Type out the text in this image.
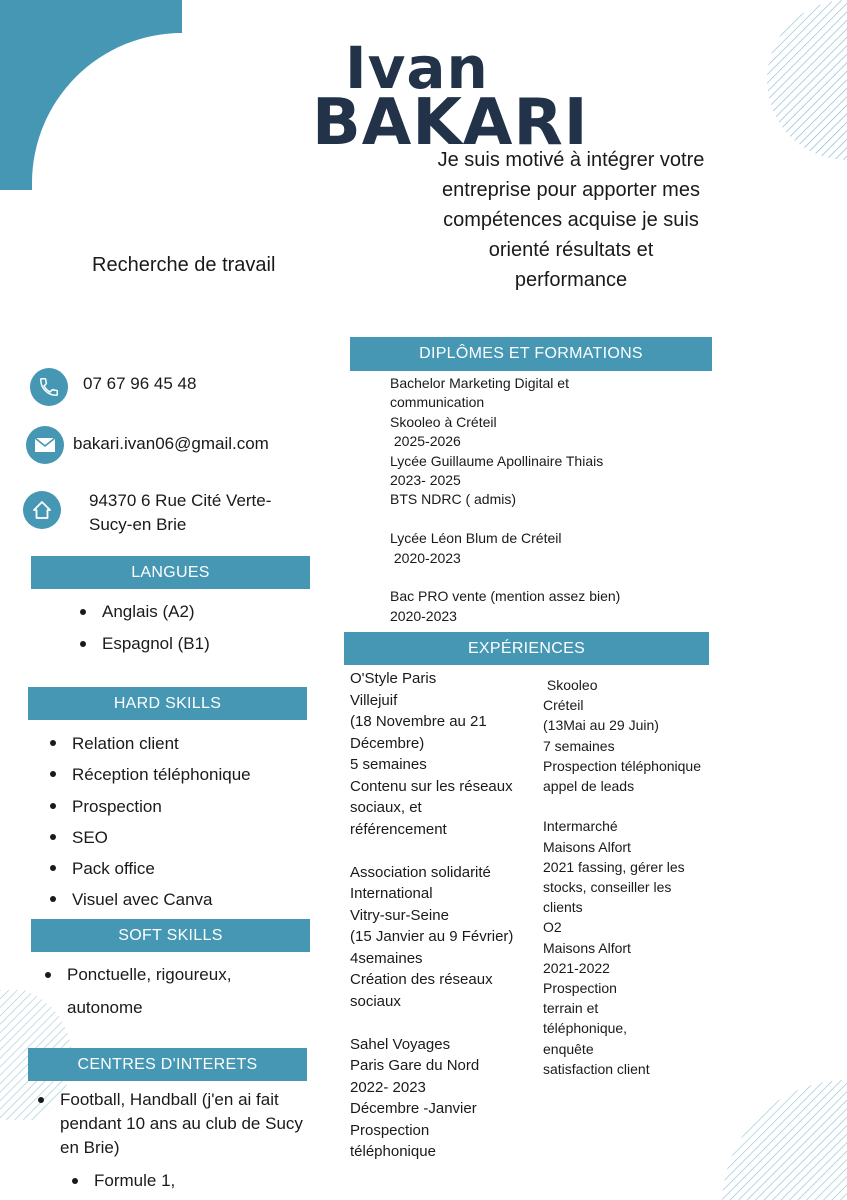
Ivan
BAKARI
Je suis motivé à intégrer votre
entreprise pour apporter mes
compétences acquise je suis
orienté résultats et
performance
Recherche de travail
07 67 96 45 48
bakari.ivan06@gmail.com
94370 6 Rue Cité Verte-
Sucy-en Brie
LANGUES
Anglais (A2)
Espagnol (B1)
HARD SKILLS
Relation client
Réception téléphonique
Prospection
SEO
Pack office
Visuel avec Canva
SOFT SKILLS
Ponctuelle, rigoureux,
autonome
CENTRES D'INTERETS
Football, Handball (j'en ai fait
pendant 10 ans au club de Sucy
en Brie)
Formule 1,
DIPLÔMES ET FORMATIONS
Bachelor Marketing Digital et
communication
Skooleo à Créteil
2025-2026
Lycée Guillaume Apollinaire Thiais
2023- 2025
BTS NDRC ( admis)
Lycée Léon Blum de Créteil
2020-2023
Bac PRO vente (mention assez bien)
2020-2023
EXPÉRIENCES
O'Style Paris
Villejuif
(18 Novembre au 21
Décembre)
5 semaines
Contenu sur les réseaux
sociaux, et
référencement
Association solidarité
International
Vitry-sur-Seine
(15 Janvier au 9 Février)
4semaines
Création des réseaux
sociaux
Sahel Voyages
Paris Gare du Nord
2022- 2023
Décembre -Janvier
Prospection
téléphonique
Skooleo
Créteil
(13Mai au 29 Juin)
7 semaines
Prospection téléphonique
appel de leads
Intermarché
Maisons Alfort
2021 fassing, gérer les
stocks, conseiller les
clients
O2
Maisons Alfort
2021-2022
Prospection
terrain et
téléphonique,
enquête
satisfaction client
